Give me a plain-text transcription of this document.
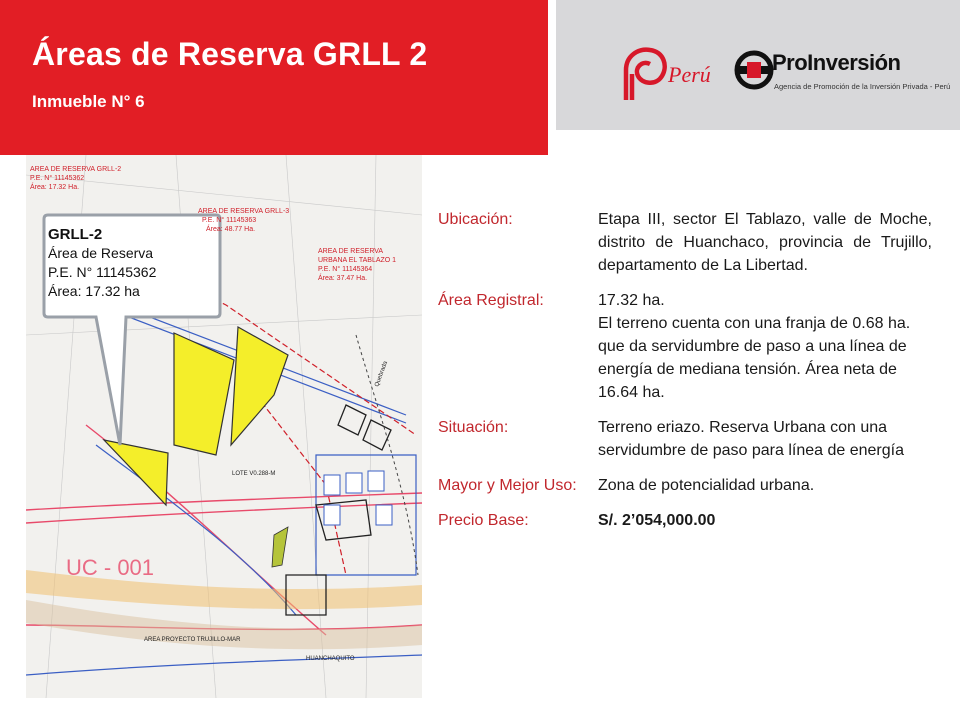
Áreas de Reserva GRLL 2
Inmueble N° 6
Perú	ProInversión
Agencia de Promoción de la Inversión Privada - Perú
AREA DE RESERVA GRLL-2
P.E. N° 11145362
Área: 17.32 Ha.
AREA DE RESERVA GRLL-3
P.E. N° 11145363
Área: 48.77 Ha.
AREA DE RESERVA
URBANA EL TABLAZO 1
P.E. N° 11145364
Área: 37.47 Ha.
UC - 001
AREA PROYECTO TRUJILLO-MAR
HUANCHAQUITO
LOTE V0.288-M
Quebrada
GRLL-2
Área de Reserva
P.E. N° 11145362
Área: 17.32 ha
Ubicación:	Etapa III, sector El Tablazo, valle de Moche, distrito de Huanchaco, provincia de Trujillo, departamento de La Libertad.

Área Registral:	17.32 ha.

El terreno cuenta con una franja de 0.68 ha. que da servidumbre de paso a una línea de energía de mediana tensión. Área neta de 16.64 ha.

Situación:	Terreno eriazo. Reserva Urbana con una servidumbre de paso para línea de energía

Mayor y Mejor Uso:	Zona de potencialidad urbana.

Precio Base:	S/. 2’054,000.00
